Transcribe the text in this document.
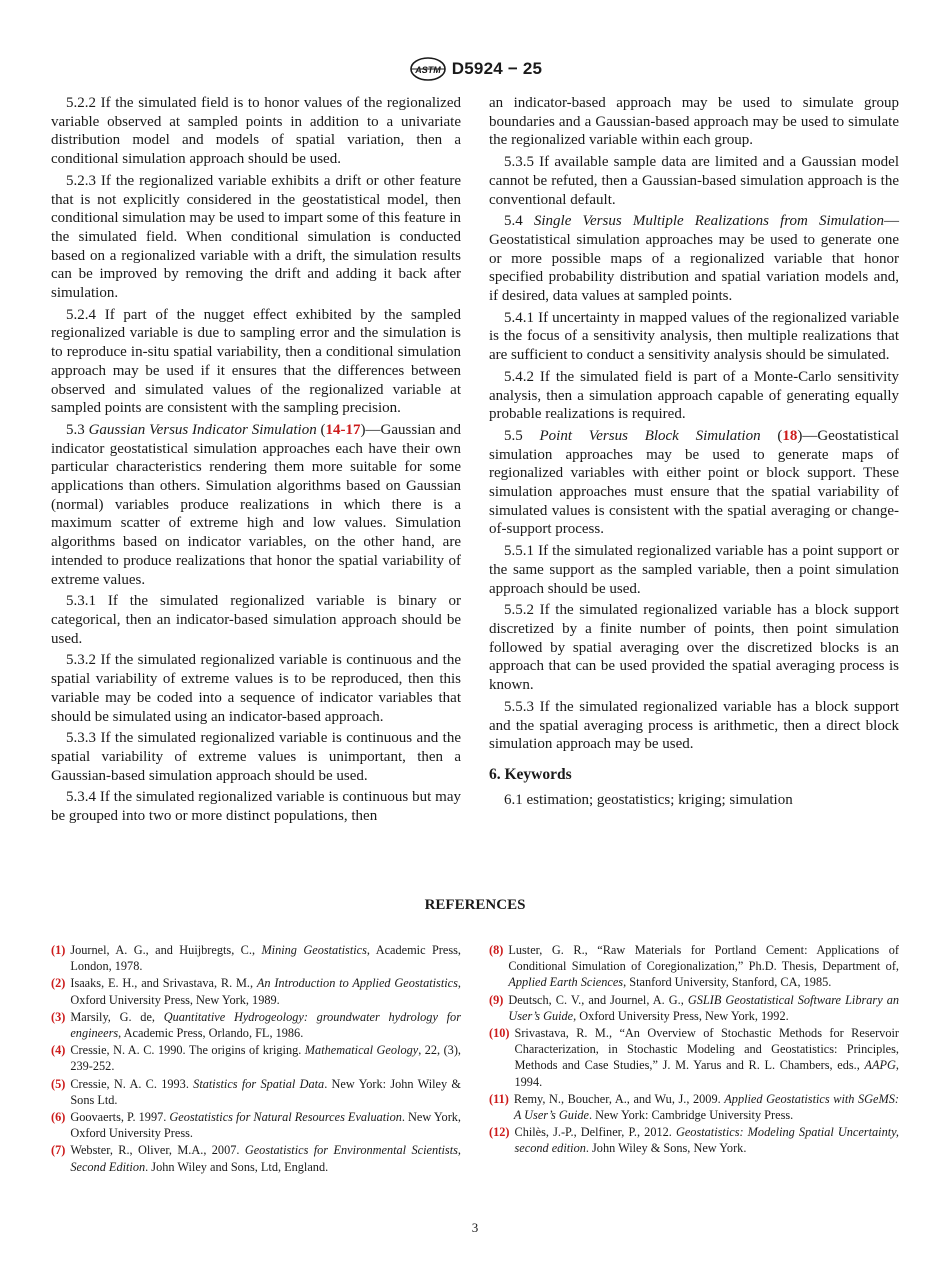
ASTM D5924 − 25

5.2.2 If the simulated field is to honor values of the regionalized variable observed at sampled points in addition to a univariate distribution model and models of spatial variation, then a conditional simulation approach should be used.

5.2.3 If the regionalized variable exhibits a drift or other feature that is not explicitly considered in the geostatistical model, then conditional simulation may be used to impart some of this feature in the simulated field. When conditional simulation is conducted based on a regionalized variable with a drift, the simulation results can be improved by removing the drift and adding it back after simulation.

5.2.4 If part of the nugget effect exhibited by the sampled regionalized variable is due to sampling error and the simulation is to reproduce in-situ spatial variability, then a conditional simulation approach may be used if it ensures that the differences between observed and simulated values of the regionalized variable at sampled points are consistent with the sampling precision.

5.3 Gaussian Versus Indicator Simulation (14-17)—Gaussian and indicator geostatistical simulation approaches each have their own particular characteristics rendering them more suitable for some applications than others. Simulation algorithms based on Gaussian (normal) variables produce realizations in which there is a maximum scatter of extreme high and low values. Simulation algorithms based on indicator variables, on the other hand, are intended to produce realizations that honor the spatial variability of extreme values.

5.3.1 If the simulated regionalized variable is binary or categorical, then an indicator-based simulation approach should be used.

5.3.2 If the simulated regionalized variable is continuous and the spatial variability of extreme values is to be reproduced, then this variable may be coded into a sequence of indicator variables that should be simulated using an indicator-based approach.

5.3.3 If the simulated regionalized variable is continuous and the spatial variability of extreme values is unimportant, then a Gaussian-based simulation approach should be used.

5.3.4 If the simulated regionalized variable is continuous but may be grouped into two or more distinct populations, then

an indicator-based approach may be used to simulate group boundaries and a Gaussian-based approach may be used to simulate the regionalized variable within each group.

5.3.5 If available sample data are limited and a Gaussian model cannot be refuted, then a Gaussian-based simulation approach is the conventional default.

5.4 Single Versus Multiple Realizations from Simulation—Geostatistical simulation approaches may be used to generate one or more possible maps of a regionalized variable that honor specified probability distribution and spatial variation models and, if desired, data values at sampled points.

5.4.1 If uncertainty in mapped values of the regionalized variable is the focus of a sensitivity analysis, then multiple realizations that are sufficient to conduct a sensitivity analysis should be simulated.

5.4.2 If the simulated field is part of a Monte-Carlo sensitivity analysis, then a simulation approach capable of generating equally probable realizations is required.

5.5 Point Versus Block Simulation (18)—Geostatistical simulation approaches may be used to generate maps of regionalized variables with either point or block support. These simulation approaches must ensure that the spatial variability of simulated values is consistent with the spatial averaging or change-of-support process.

5.5.1 If the simulated regionalized variable has a point support or the same support as the sampled variable, then a point simulation approach should be used.

5.5.2 If the simulated regionalized variable has a block support discretized by a finite number of points, then point simulation followed by spatial averaging over the discretized blocks is an approach that can be used provided the spatial averaging process is known.

5.5.3 If the simulated regionalized variable has a block support and the spatial averaging process is arithmetic, then a direct block simulation approach may be used.

6. Keywords

6.1 estimation; geostatistics; kriging; simulation

REFERENCES
(1) Journel, A. G., and Huijbregts, C., Mining Geostatistics, Academic Press, London, 1978.
(2) Isaaks, E. H., and Srivastava, R. M., An Introduction to Applied Geostatistics, Oxford University Press, New York, 1989.
(3) Marsily, G. de, Quantitative Hydrogeology: groundwater hydrology for engineers, Academic Press, Orlando, FL, 1986.
(4) Cressie, N. A. C. 1990. The origins of kriging. Mathematical Geology, 22, (3), 239-252.
(5) Cressie, N. A. C. 1993. Statistics for Spatial Data. New York: John Wiley & Sons Ltd.
(6) Goovaerts, P. 1997. Geostatistics for Natural Resources Evaluation. New York, Oxford University Press.
(7) Webster, R., Oliver, M.A., 2007. Geostatistics for Environmental Scientists, Second Edition. John Wiley and Sons, Ltd, England.
(8) Luster, G. R., “Raw Materials for Portland Cement: Applications of Conditional Simulation of Coregionalization,” Ph.D. Thesis, Department of, Applied Earth Sciences, Stanford University, Stanford, CA, 1985.
(9) Deutsch, C. V., and Journel, A. G., GSLIB Geostatistical Software Library an User’s Guide, Oxford University Press, New York, 1992.
(10) Srivastava, R. M., “An Overview of Stochastic Methods for Reservoir Characterization, in Stochastic Modeling and Geostatistics: Principles, Methods and Case Studies,” J. M. Yarus and R. L. Chambers, eds., AAPG, 1994.
(11) Remy, N., Boucher, A., and Wu, J., 2009. Applied Geostatistics with SGeMS: A User’s Guide. New York: Cambridge University Press.
(12) Chilès, J.-P., Delfiner, P., 2012. Geostatistics: Modeling Spatial Uncertainty, second edition. John Wiley & Sons, New York.
3
